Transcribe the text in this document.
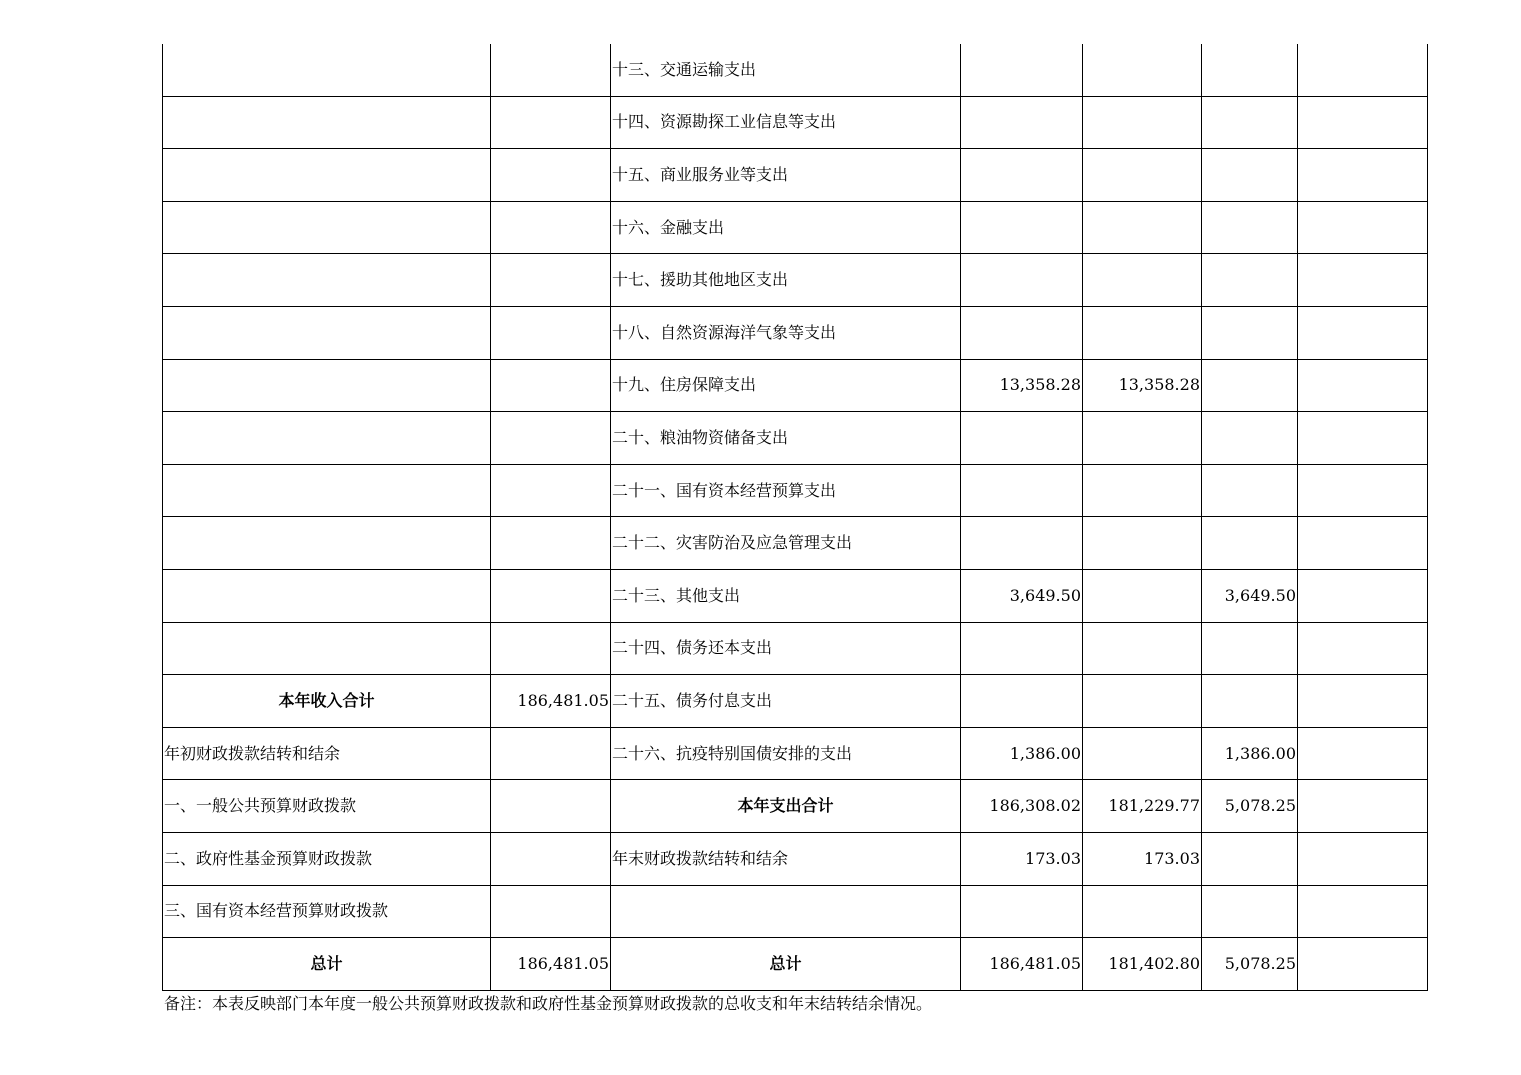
		十三、交通运输支出				
		十四、资源勘探工业信息等支出				
		十五、商业服务业等支出				
		十六、金融支出				
		十七、援助其他地区支出				
		十八、自然资源海洋气象等支出				
		十九、住房保障支出	13,358.28	13,358.28		
		二十、粮油物资储备支出				
		二十一、国有资本经营预算支出				
		二十二、灾害防治及应急管理支出				
		二十三、其他支出	3,649.50		3,649.50	
		二十四、债务还本支出				
本年收入合计	186,481.05	二十五、债务付息支出				
年初财政拨款结转和结余		二十六、抗疫特别国债安排的支出	1,386.00		1,386.00	
一、一般公共预算财政拨款		本年支出合计	186,308.02	181,229.77	5,078.25	
二、政府性基金预算财政拨款		年末财政拨款结转和结余	173.03	173.03		
三、国有资本经营预算财政拨款						
总计	186,481.05	总计	186,481.05	181,402.80	5,078.25	
备注：本表反映部门本年度一般公共预算财政拨款和政府性基金预算财政拨款的总收支和年末结转结余情况。
